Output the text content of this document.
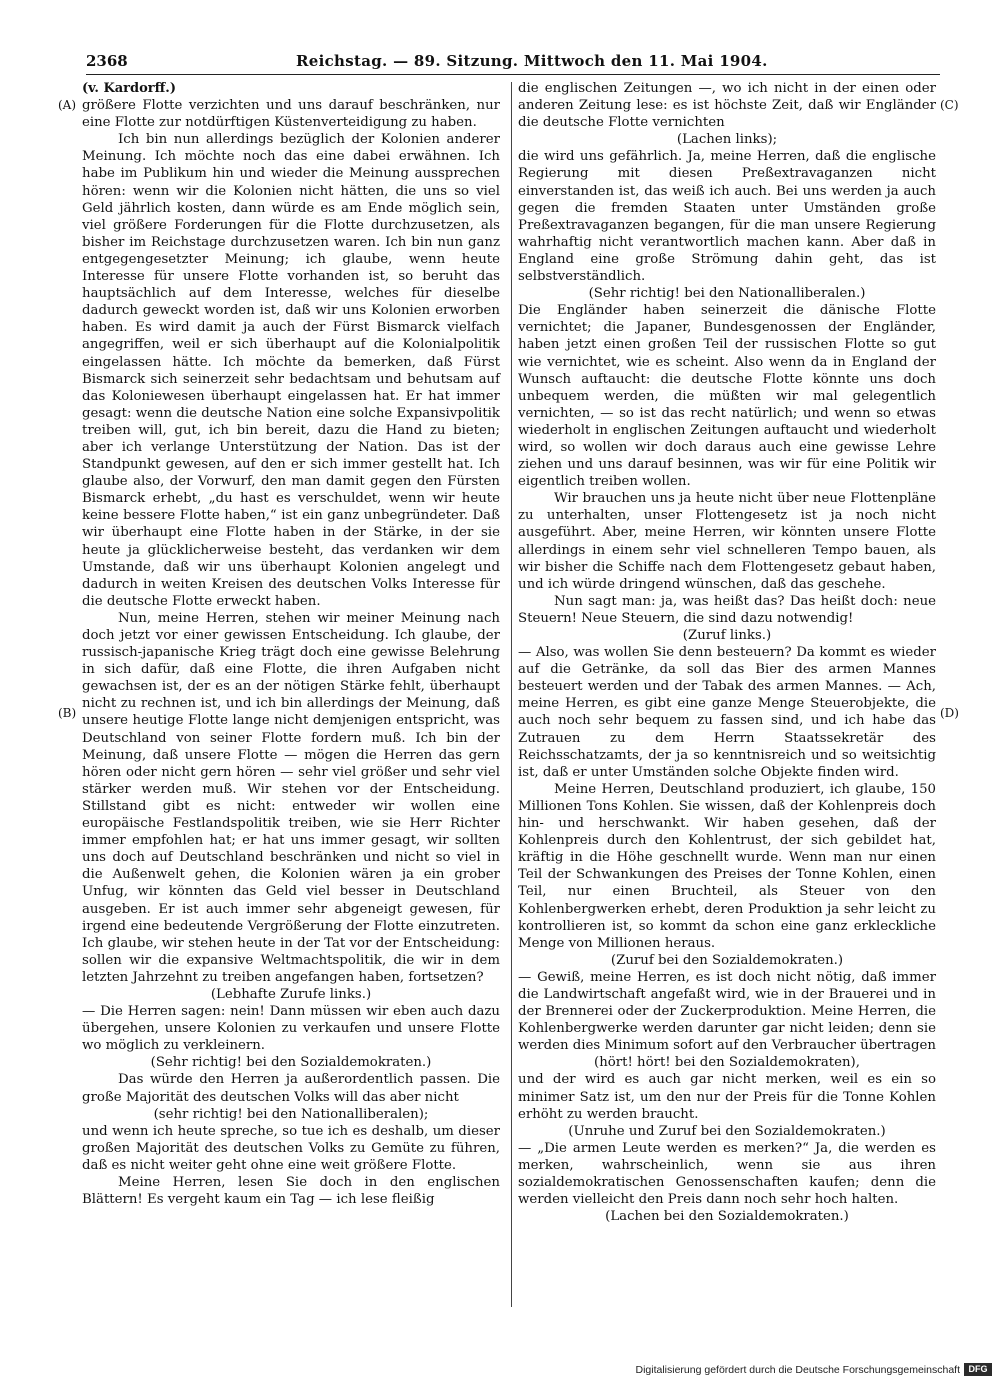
2368	Reichstag. — 89. Sitzung. Mittwoch den 11. Mai 1904.
(A)
(B)
(C)
(D)

(v. Kardorff.)

größere Flotte verzichten und uns darauf beschränken, nur eine Flotte zur notdürftigen Küstenverteidigung zu haben.

Ich bin nun allerdings bezüglich der Kolonien anderer Meinung. Ich möchte noch das eine dabei erwähnen. Ich habe im Publikum hin und wieder die Meinung aussprechen hören: wenn wir die Kolonien nicht hätten, die uns so viel Geld jährlich kosten, dann würde es am Ende möglich sein, viel größere Forderungen für die Flotte durchzusetzen, als bisher im Reichstage durchzusetzen waren. Ich bin nun ganz entgegengesetzter Meinung; ich glaube, wenn heute Interesse für unsere Flotte vorhanden ist, so beruht das hauptsächlich auf dem Interesse, welches für dieselbe dadurch geweckt worden ist, daß wir uns Kolonien erworben haben. Es wird damit ja auch der Fürst Bismarck vielfach angegriffen, weil er sich überhaupt auf die Kolonialpolitik eingelassen hätte. Ich möchte da bemerken, daß Fürst Bismarck sich seinerzeit sehr bedachtsam und behutsam auf das Koloniewesen überhaupt eingelassen hat. Er hat immer gesagt: wenn die deutsche Nation eine solche Expansivpolitik treiben will, gut, ich bin bereit, dazu die Hand zu bieten; aber ich verlange Unterstützung der Nation. Das ist der Standpunkt gewesen, auf den er sich immer gestellt hat. Ich glaube also, der Vorwurf, den man damit gegen den Fürsten Bismarck erhebt, „du hast es verschuldet, wenn wir heute keine bessere Flotte haben,“ ist ein ganz unbegründeter. Daß wir überhaupt eine Flotte haben in der Stärke, in der sie heute ja glücklicherweise besteht, das verdanken wir dem Umstande, daß wir uns überhaupt Kolonien angelegt und dadurch in weiten Kreisen des deutschen Volks Interesse für die deutsche Flotte erweckt haben.

Nun, meine Herren, stehen wir meiner Meinung nach doch jetzt vor einer gewissen Entscheidung. Ich glaube, der russisch-japanische Krieg trägt doch eine gewisse Belehrung in sich dafür, daß eine Flotte, die ihren Aufgaben nicht gewachsen ist, der es an der nötigen Stärke fehlt, überhaupt nicht zu rechnen ist, und ich bin allerdings der Meinung, daß unsere heutige Flotte lange nicht demjenigen entspricht, was Deutschland von seiner Flotte fordern muß. Ich bin der Meinung, daß unsere Flotte — mögen die Herren das gern hören oder nicht gern hören — sehr viel größer und sehr viel stärker werden muß. Wir stehen vor der Entscheidung. Stillstand gibt es nicht: entweder wir wollen eine europäische Festlandspolitik treiben, wie sie Herr Richter immer empfohlen hat; er hat uns immer gesagt, wir sollten uns doch auf Deutschland beschränken und nicht so viel in die Außenwelt gehen, die Kolonien wären ja ein grober Unfug, wir könnten das Geld viel besser in Deutschland ausgeben. Er ist auch immer sehr abgeneigt gewesen, für irgend eine bedeutende Vergrößerung der Flotte einzutreten. Ich glaube, wir stehen heute in der Tat vor der Entscheidung: sollen wir die expansive Weltmachtspolitik, die wir in dem letzten Jahrzehnt zu treiben angefangen haben, fortsetzen?

(Lebhafte Zurufe links.)

— Die Herren sagen: nein! Dann müssen wir eben auch dazu übergehen, unsere Kolonien zu verkaufen und unsere Flotte wo möglich zu verkleinern.

(Sehr richtig! bei den Sozialdemokraten.)

Das würde den Herren ja außerordentlich passen. Die große Majorität des deutschen Volks will das aber nicht

(sehr richtig! bei den Nationalliberalen);

und wenn ich heute spreche, so tue ich es deshalb, um dieser großen Majorität des deutschen Volks zu Gemüte zu führen, daß es nicht weiter geht ohne eine weit größere Flotte.

Meine Herren, lesen Sie doch in den englischen Blättern! Es vergeht kaum ein Tag — ich lese fleißig

die englischen Zeitungen —, wo ich nicht in der einen oder anderen Zeitung lese: es ist höchste Zeit, daß wir Engländer die deutsche Flotte vernichten

(Lachen links);

die wird uns gefährlich. Ja, meine Herren, daß die englische Regierung mit diesen Preßextravaganzen nicht einverstanden ist, das weiß ich auch. Bei uns werden ja auch gegen die fremden Staaten unter Umständen große Preßextravaganzen begangen, für die man unsere Regierung wahrhaftig nicht verantwortlich machen kann. Aber daß in England eine große Strömung dahin geht, das ist selbstverständlich.

(Sehr richtig! bei den Nationalliberalen.)

Die Engländer haben seinerzeit die dänische Flotte vernichtet; die Japaner, Bundesgenossen der Engländer, haben jetzt einen großen Teil der russischen Flotte so gut wie vernichtet, wie es scheint. Also wenn da in England der Wunsch auftaucht: die deutsche Flotte könnte uns doch unbequem werden, die müßten wir mal gelegentlich vernichten, — so ist das recht natürlich; und wenn so etwas wiederholt in englischen Zeitungen auftaucht und wiederholt wird, so wollen wir doch daraus auch eine gewisse Lehre ziehen und uns darauf besinnen, was wir für eine Politik wir eigentlich treiben wollen.

Wir brauchen uns ja heute nicht über neue Flottenpläne zu unterhalten, unser Flottengesetz ist ja noch nicht ausgeführt. Aber, meine Herren, wir könnten unsere Flotte allerdings in einem sehr viel schnelleren Tempo bauen, als wir bisher die Schiffe nach dem Flottengesetz gebaut haben, und ich würde dringend wünschen, daß das geschehe.

Nun sagt man: ja, was heißt das? Das heißt doch: neue Steuern! Neue Steuern, die sind dazu notwendig!

(Zuruf links.)

— Also, was wollen Sie denn besteuern? Da kommt es wieder auf die Getränke, da soll das Bier des armen Mannes besteuert werden und der Tabak des armen Mannes. — Ach, meine Herren, es gibt eine ganze Menge Steuerobjekte, die auch noch sehr bequem zu fassen sind, und ich habe das Zutrauen zu dem Herrn Staatssekretär des Reichsschatzamts, der ja so kenntnisreich und so weitsichtig ist, daß er unter Umständen solche Objekte finden wird.

Meine Herren, Deutschland produziert, ich glaube, 150 Millionen Tons Kohlen. Sie wissen, daß der Kohlenpreis doch hin- und herschwankt. Wir haben gesehen, daß der Kohlenpreis durch den Kohlentrust, der sich gebildet hat, kräftig in die Höhe geschnellt wurde. Wenn man nur einen Teil der Schwankungen des Preises der Tonne Kohlen, einen Teil, nur einen Bruchteil, als Steuer von den Kohlenbergwerken erhebt, deren Produktion ja sehr leicht zu kontrollieren ist, so kommt da schon eine ganz erkleckliche Menge von Millionen heraus.

(Zuruf bei den Sozialdemokraten.)

— Gewiß, meine Herren, es ist doch nicht nötig, daß immer die Landwirtschaft angefaßt wird, wie in der Brauerei und in der Brennerei oder der Zuckerproduktion. Meine Herren, die Kohlenbergwerke werden darunter gar nicht leiden; denn sie werden dies Minimum sofort auf den Verbraucher übertragen

(hört! hört! bei den Sozialdemokraten),

und der wird es auch gar nicht merken, weil es ein so minimer Satz ist, um den nur der Preis für die Tonne Kohlen erhöht zu werden braucht.

(Unruhe und Zuruf bei den Sozialdemokraten.)

— „Die armen Leute werden es merken?“ Ja, die werden es merken, wahrscheinlich, wenn sie aus ihren sozialdemokratischen Genossenschaften kaufen; denn die werden vielleicht den Preis dann noch sehr hoch halten.

(Lachen bei den Sozialdemokraten.)

Digitalisierung gefördert durch die Deutsche Forschungsgemeinschaft DFG
